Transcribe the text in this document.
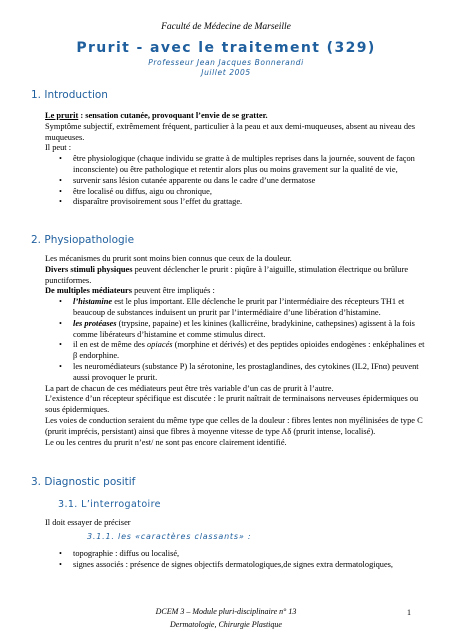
Faculté de Médecine de Marseille
Prurit - avec le traitement (329)
Professeur Jean Jacques Bonnerandi
Juillet 2005
1. Introduction

Le prurit : sensation cutanée, provoquant l’envie de se gratter.

Symptôme subjectif, extrêmement fréquent, particulier à la peau et aux demi-muqueuses, absent au niveau des muqueuses.

Il peut :

• être physiologique (chaque individu se gratte à de multiples reprises dans la journée, souvent de façon inconsciente) ou être pathologique et retentir alors plus ou moins gravement sur la qualité de vie,
• survenir sans lésion cutanée apparente ou dans le cadre d’une dermatose
• être localisé ou diffus, aigu ou chronique,
• disparaître provisoirement sous l’effet du grattage.
2. Physiopathologie

Les mécanismes du prurit sont moins bien connus que ceux de la douleur.

Divers stimuli physiques peuvent déclencher le prurit : piqûre à l’aiguille, stimulation électrique ou brûlure punctiformes.

De multiples médiateurs peuvent être impliqués :

• l’histamine est le plus important. Elle déclenche le prurit par l’intermédiaire des récepteurs TH1 et beaucoup de substances induisent un prurit par l’intermédiaire d’une libération d’histamine.
• les protéases (trypsine, papaine) et les kinines (kallicréine, bradykinine, cathepsines) agissent à la fois comme libérateurs d’histamine et comme stimulus direct.
• il en est de même des opiacés (morphine et dérivés) et des peptides opioides endogènes : enképhalines et β endorphine.
• les neuromédiateurs (substance P) la sérotonine, les prostaglandines, des cytokines (IL2, IFnα) peuvent aussi provoquer le prurit.

La part de chacun de ces médiateurs peut être très variable d’un cas de prurit à l’autre.

L’existence d’un récepteur spécifique est discutée : le prurit naîtrait de terminaisons nerveuses épidermiques ou sous épidermiques.

Les voies de conduction seraient du même type que celles de la douleur : fibres lentes non myélinisées de type C (prurit imprécis, persistant) ainsi que fibres à moyenne vitesse de type Aδ (prurit intense, localisé).

Le ou les centres du prurit n’est/ ne sont pas encore clairement identifié.

3. Diagnostic positif
3.1. L’interrogatoire

Il doit essayer de préciser

3.1.1. les «caractères classants» :
• topographie : diffus ou localisé,
• signes associés : présence de signes objectifs dermatologiques,de signes extra dermatologiques,
DCEM 3 – Module pluri-disciplinaire n° 13
Dermatologie, Chirurgie Plastique
1
